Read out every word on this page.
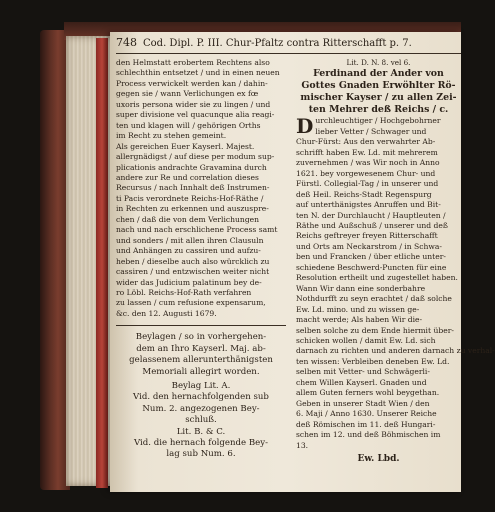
748 Cod. Dipl. P. III. Chur-Pfaltz contra Ritterschafft p. 7.
den Helmstatt erobertem Rechtens also
schlechthin entsetzet / und in einen neuen
Process verwickelt werden kan / dahin-
gegen sie / wann Verlichungen ex fœ
uxoris persona wider sie zu lingen / und
super divisione vel quacunque alia reagi-
ten und klagen will / gehörigen Orths
im Recht zu stehen gemeint.
Als gereichen Euer Kayserl. Majest.
allergnädigst / auf diese per modum sup-
plicationis andrachte Gravamina durch
andere zur Re und correlation dieses
Recursus / nach Innhalt deß Instrumen-
ti Pacis verordnete Reichs-Hof-Räthe /
in Rechten zu erkennen und auszuspre-
chen / daß die von dem Verlichungen
nach und nach erschlichene Process samt
und sonders / mit allen ihren Clausuln
und Anhängen zu cassiren und aufzu-
heben / dieselbe auch also würcklich zu
cassiren / und entzwischen weiter nicht
wider das Judicium palatinum bey de-
ro Löbl. Reichs-Hof-Rath verfahren
zu lassen / cum refusione expensarum,
&c. den 12. Augusti 1679.
Beylagen / so in vorhergehen-
dem an Ihro Kayserl. Maj. ab-
gelassenem allerunterthänigsten
Memoriali allegirt worden.
Beylag Lit. A.
Vid. den hernachfolgenden sub
Num. 2. angezogenen Bey-
schluß.
Lit. B. & C.
Vid. die hernach folgende Bey-
lag sub Num. 6.
Lit. D. N. 8. vel 6.
Ferdinand der Ander von
Gottes Gnaden Erwöhlter Rö-
mischer Kayser / zu allen Zei-
ten Mehrer deß Reichs / c.
D urchleuchtiger / Hochgebohrner
lieber Vetter / Schwager und
Chur-Fürst: Aus den verwahrter Ab-
schrifft haben Ew. Ld. mit mehrerem
zuvernehmen / was Wir noch in Anno
1621. bey vorgewesenem Chur- und
Fürstl. Collegial-Tag / in unserer und
deß Heil. Reichs-Stadt Regenspurg
auf unterthänigstes Anruffen und Bit-
ten N. der Durchlaucht / Hauptleuten /
Räthe und Außschuß / unserer und deß
Reichs geftreyer freyen Ritterschafft
und Orts am Neckarstrom / in Schwa-
ben und Francken / über etliche unter-
schiedene Beschwerd-Puncten für eine
Resolution ertheilt und zugestellet haben.
Wann Wir dann eine sonderbahre
Nothdurfft zu seyn erachtet / daß solche
Ew. Ld. mino. und zu wissen ge-
macht werde; Als haben Wir die-
selben solche zu dem Ende hiermit über-
schicken wollen / damit Ew. Ld. sich
darnach zu richten und anderen darnach zu verhal-
ten wissen: Verbleiben deneben Ew. Ld.
selben mit Vetter- und Schwägerli-
chem Willen Kayserl. Gnaden und
allem Guten ferners wohl beygethan.
Geben in unserer Stadt Wien / den
6. Maji / Anno 1630. Unserer Reiche
deß Römischen im 11. deß Hungari-
schen im 12. und deß Böhmischen im
13.
Ew. Lbd.
